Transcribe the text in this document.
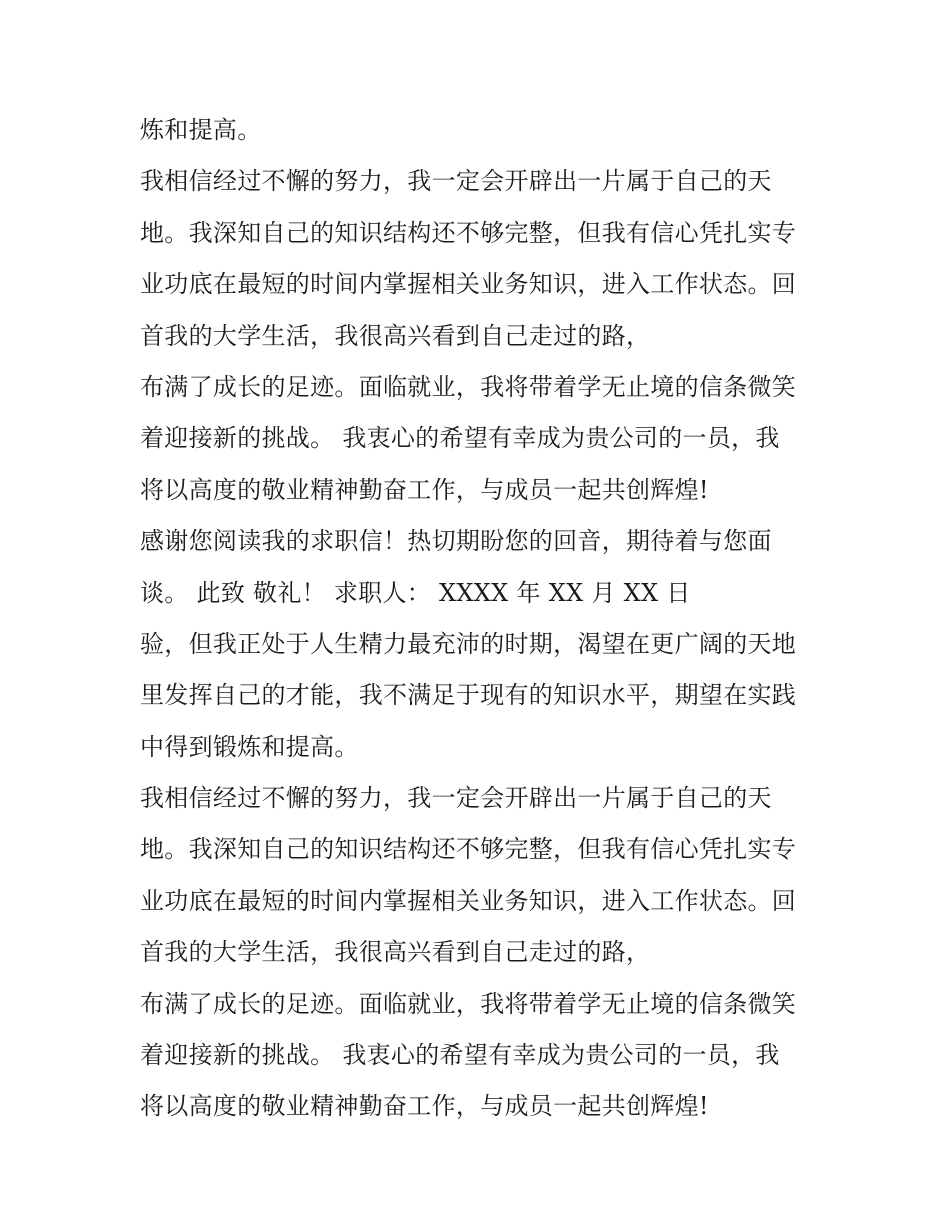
炼和提高。
我相信经过不懈的努力，我一定会开辟出一片属于自己的天
地。我深知自己的知识结构还不够完整，但我有信心凭扎实专
业功底在最短的时间内掌握相关业务知识，进入工作状态。回
首我的大学生活，我很高兴看到自己走过的路，
布满了成长的足迹。面临就业，我将带着学无止境的信条微笑
着迎接新的挑战。 我衷心的希望有幸成为贵公司的一员，我
将以高度的敬业精神勤奋工作，与成员一起共创辉煌!
感谢您阅读我的求职信！热切期盼您的回音，期待着与您面
谈。 此致 敬礼！ 求职人： XXXX 年 XX 月 XX 日
验，但我正处于人生精力最充沛的时期，渴望在更广阔的天地
里发挥自己的才能，我不满足于现有的知识水平，期望在实践
中得到锻炼和提高。
我相信经过不懈的努力，我一定会开辟出一片属于自己的天
地。我深知自己的知识结构还不够完整，但我有信心凭扎实专
业功底在最短的时间内掌握相关业务知识，进入工作状态。回
首我的大学生活，我很高兴看到自己走过的路，
布满了成长的足迹。面临就业，我将带着学无止境的信条微笑
着迎接新的挑战。 我衷心的希望有幸成为贵公司的一员，我
将以高度的敬业精神勤奋工作，与成员一起共创辉煌!
